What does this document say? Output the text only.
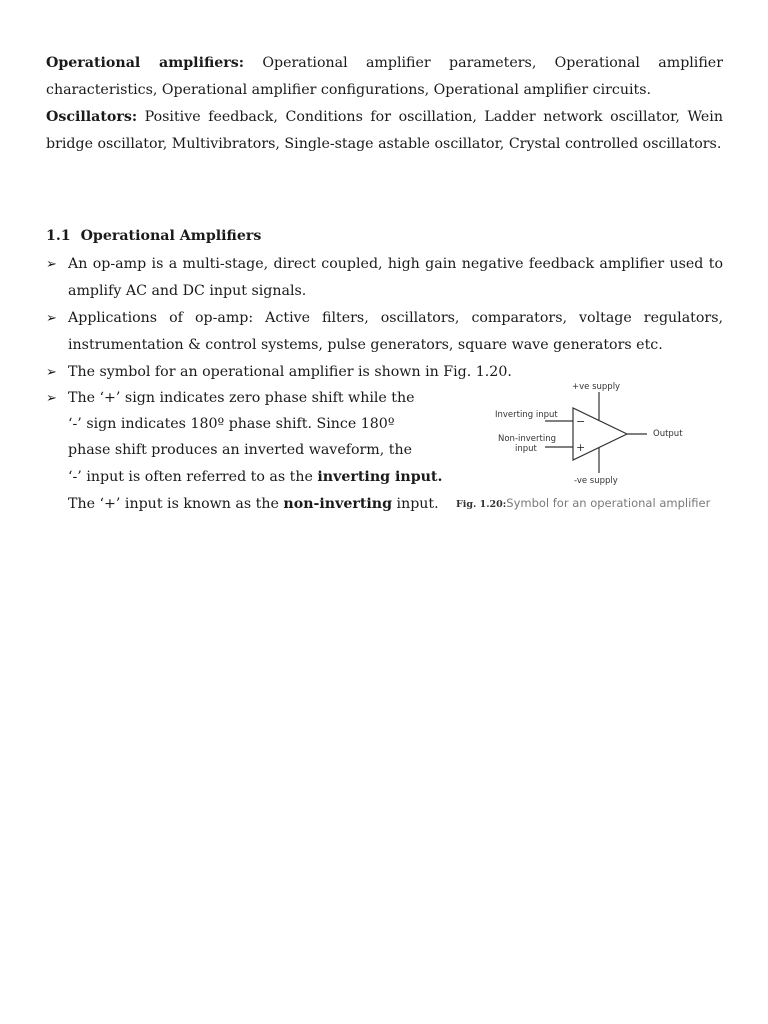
Operational amplifiers: Operational amplifier parameters, Operational amplifier characteristics, Operational amplifier configurations, Operational amplifier circuits.
Oscillators: Positive feedback, Conditions for oscillation, Ladder network oscillator, Wein bridge oscillator, Multivibrators, Single-stage astable oscillator, Crystal controlled oscillators.
1.1 Operational Amplifiers
➢ An op-amp is a multi-stage, direct coupled, high gain negative feedback amplifier used to amplify AC and DC input signals.
➢ Applications of op-amp: Active filters, oscillators, comparators, voltage regulators, instrumentation & control systems, pulse generators, square wave generators etc.
➢ The symbol for an operational amplifier is shown in Fig. 1.20.
➢ The ‘+’ sign indicates zero phase shift while the
‘-’ sign indicates 180º phase shift. Since 180º
phase shift produces an inverted waveform, the
‘-’ input is often referred to as the inverting input.
The ‘+’ input is known as the non-inverting input.
−
+
+ve supply
Inverting input
Non-inverting
input
Output
-ve supply
Fig. 1.20:Symbol for an operational amplifier
